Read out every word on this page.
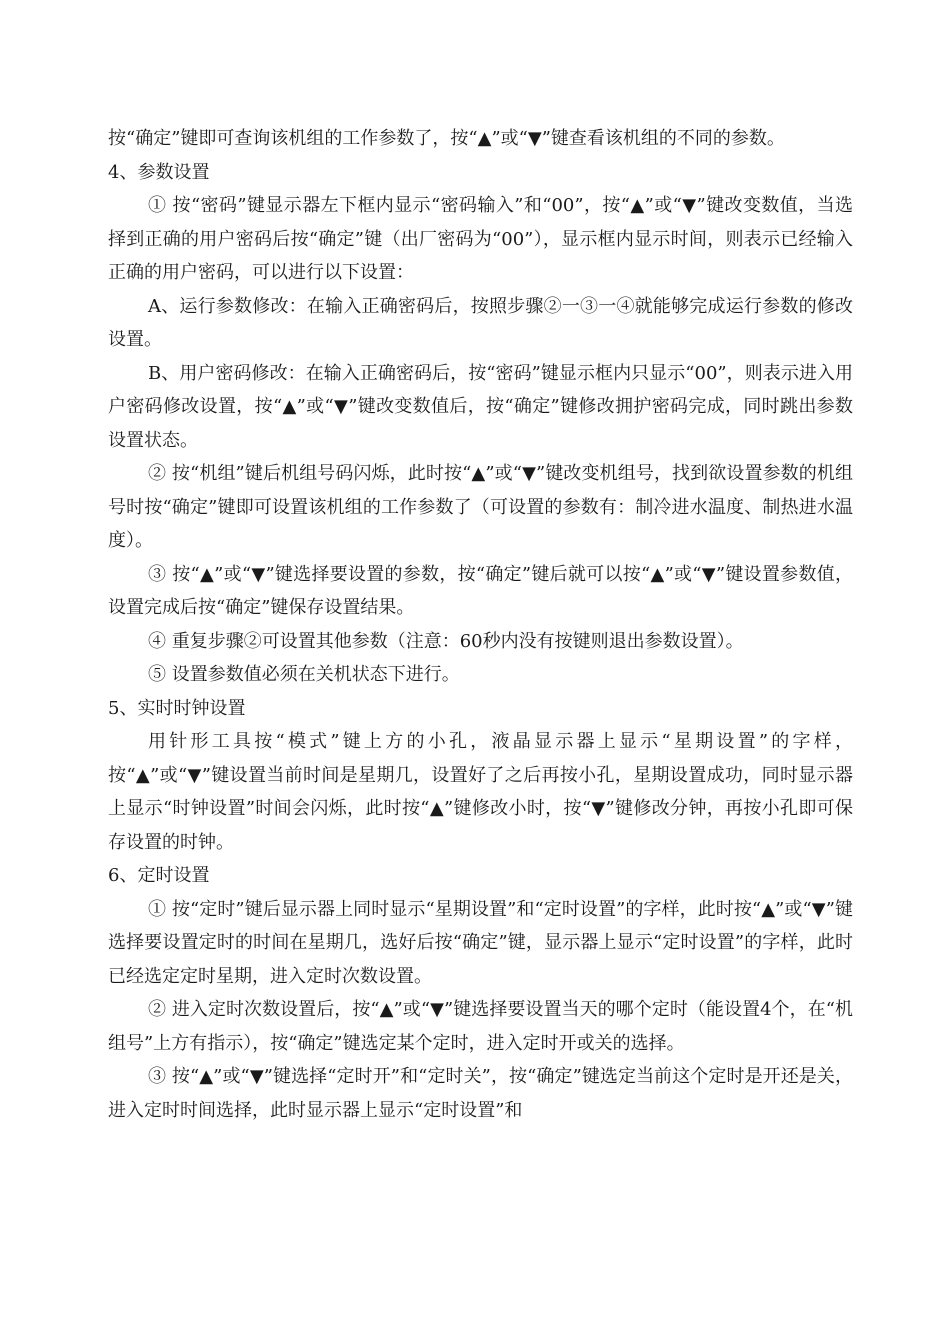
按“确定”键即可查询该机组的工作参数了，按“▲”或“▼”键查看该机组的不同的参数。

4、参数设置

① 按“密码”键显示器左下框内显示“密码输入”和“00”，按“▲”或“▼”键改变数值，当选择到正确的用户密码后按“确定”键（出厂密码为“00”），显示框内显示时间，则表示已经输入正确的用户密码，可以进行以下设置：

A、运行参数修改：在输入正确密码后，按照步骤②一③一④就能够完成运行参数的修改设置。

B、用户密码修改：在输入正确密码后，按“密码”键显示框内只显示“00”，则表示进入用户密码修改设置，按“▲”或“▼”键改变数值后，按“确定”键修改拥护密码完成，同时跳出参数设置状态。

② 按“机组”键后机组号码闪烁，此时按“▲”或“▼”键改变机组号，找到欲设置参数的机组号时按“确定”键即可设置该机组的工作参数了（可设置的参数有：制冷进水温度、制热进水温度）。

③ 按“▲”或“▼”键选择要设置的参数，按“确定”键后就可以按“▲”或“▼”键设置参数值，设置完成后按“确定”键保存设置结果。

④ 重复步骤②可设置其他参数（注意：60秒内没有按键则退出参数设置）。

⑤ 设置参数值必须在关机状态下进行。

5、实时时钟设置

用针形工具按“模式”键上方的小孔，液晶显示器上显示“星期设置”的字样，按“▲”或“▼”键设置当前时间是星期几，设置好了之后再按小孔，星期设置成功，同时显示器上显示“时钟设置”时间会闪烁，此时按“▲”键修改小时，按“▼”键修改分钟，再按小孔即可保存设置的时钟。

6、定时设置

① 按“定时”键后显示器上同时显示“星期设置”和“定时设置”的字样，此时按“▲”或“▼”键选择要设置定时的时间在星期几，选好后按“确定”键，显示器上显示“定时设置”的字样，此时已经选定定时星期，进入定时次数设置。

② 进入定时次数设置后，按“▲”或“▼”键选择要设置当天的哪个定时（能设置4个，在“机组号”上方有指示），按“确定”键选定某个定时，进入定时开或关的选择。

③ 按“▲”或“▼”键选择“定时开”和“定时关”，按“确定”键选定当前这个定时是开还是关，进入定时时间选择，此时显示器上显示“定时设置”和
